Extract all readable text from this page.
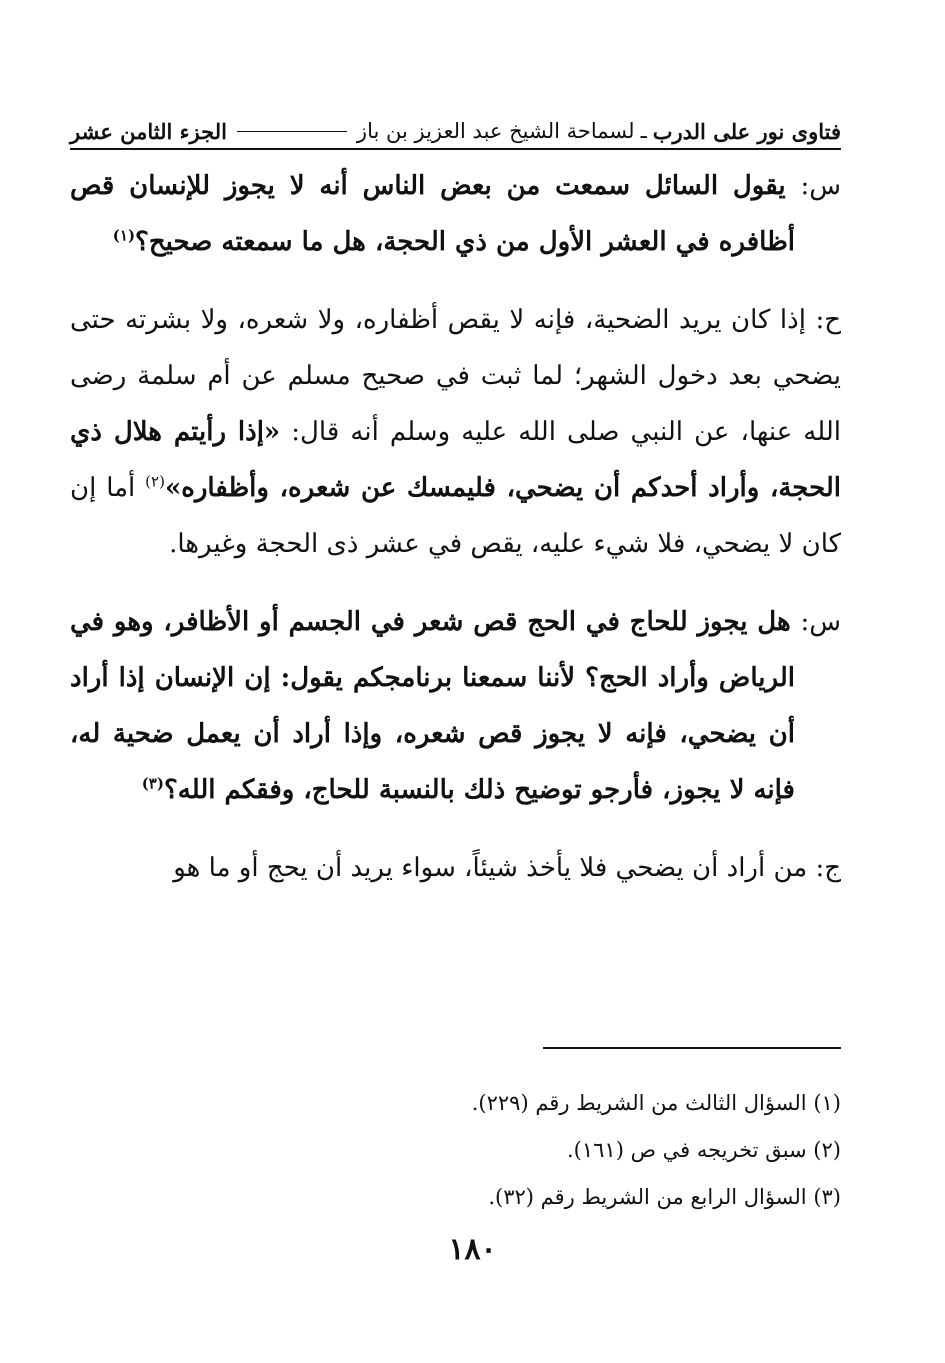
فتاوى نور على الدرب
ـ
لسماحة الشيخ عبد العزيز بن باز
الجزء الثامن عشر

س: يقول السائل سمعت من بعض الناس أنه لا يجوز للإنسان قص أظافره في العشر الأول من ذي الحجة، هل ما سمعته صحيح؟$^{(١)}$

ح: إذا كان يريد الضحية، فإنه لا يقص أظفاره، ولا شعره، ولا بشرته حتى يضحي بعد دخول الشهر؛ لما ثبت في صحيح مسلم عن أم سلمة رضى الله عنها، عن النبي صلى الله عليه وسلم أنه قال: «إذا رأيتم هلال ذي الحجة، وأراد أحدكم أن يضحي، فليمسك عن شعره، وأظفاره»$^{(٢)}$ أما إن كان لا يضحي، فلا شيء عليه، يقص في عشر ذى الحجة وغيرها.

س: هل يجوز للحاج في الحج قص شعر في الجسم أو الأظافر، وهو في الرياض وأراد الحج؟ لأننا سمعنا برنامجكم يقول: إن الإنسان إذا أراد أن يضحي، فإنه لا يجوز قص شعره، وإذا أراد أن يعمل ضحية له، فإنه لا يجوز، فأرجو توضيح ذلك بالنسبة للحاج، وفقكم الله؟$^{(٣)}$

ج: من أراد أن يضحي فلا يأخذ شيئاً، سواء يريد أن يحج أو ما هو

(١) السؤال الثالث من الشريط رقم (٢٢٩).
(٢) سبق تخريجه في ص (١٦١).
(٣) السؤال الرابع من الشريط رقم (٣٢).
١٨٠
